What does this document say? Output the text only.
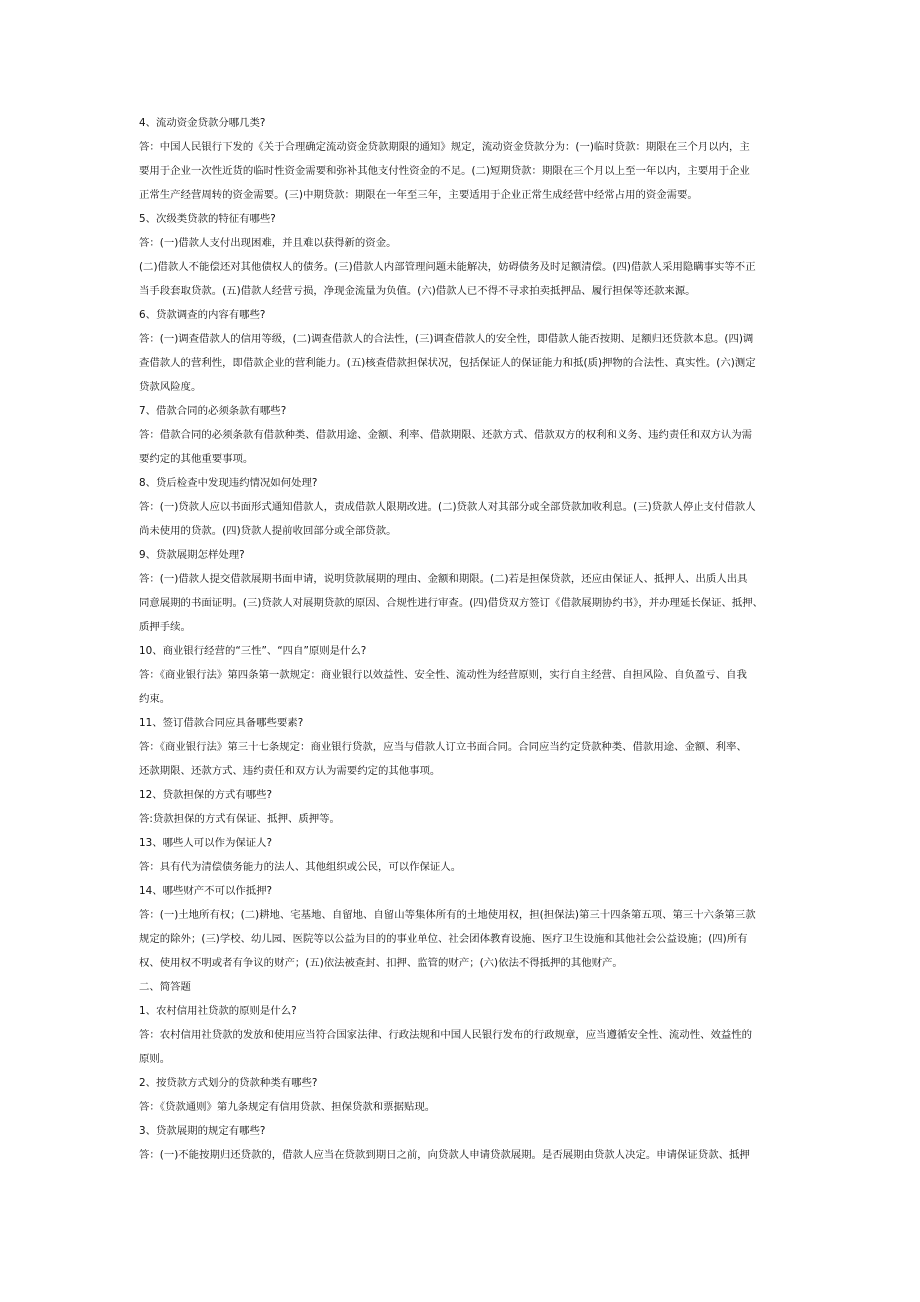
4、流动资金贷款分哪几类?
答：中国人民银行下发的《关于合理确定流动资金贷款期限的通知》规定，流动资金贷款分为：(一)临时贷款：期限在三个月以内，主
要用于企业一次性近货的临时性资金需要和弥补其他支付性资金的不足。(二)短期贷款：期限在三个月以上至一年以内，主要用于企业
正常生产经营周转的资金需要。(三)中期贷款：期限在一年至三年，主要适用于企业正常生成经营中经常占用的资金需要。
5、次级类贷款的特征有哪些?
答：(一)借款人支付出现困难，并且难以获得新的资金。
(二)借款人不能偿还对其他债权人的债务。(三)借款人内部管理问题未能解决，妨碍债务及时足额清偿。(四)借款人采用隐瞒事实等不正
当手段套取贷款。(五)借款人经营亏损，净现金流量为负值。(六)借款人已不得不寻求拍卖抵押品、履行担保等还款来源。
6、贷款调查的内容有哪些?
答：(一)调查借款人的信用等级，(二)调查借款人的合法性，(三)调查借款人的安全性，即借款人能否按期、足额归还贷款本息。(四)调
查借款人的营利性，即借款企业的营利能力。(五)核查借款担保状况，包括保证人的保证能力和抵(质)押物的合法性、真实性。(六)测定
贷款风险度。
7、借款合同的必须条款有哪些?
答：借款合同的必须条款有借款种类、借款用途、金额、利率、借款期限、还款方式、借款双方的权利和义务、违约责任和双方认为需
要约定的其他重要事项。
8、贷后检查中发现违约情况如何处理?
答：(一)贷款人应以书面形式通知借款人，责成借款人限期改进。(二)贷款人对其部分或全部贷款加收利息。(三)贷款人停止支付借款人
尚未使用的贷款。(四)贷款人提前收回部分或全部贷款。
9、贷款展期怎样处理?
答：(一)借款人提交借款展期书面申请，说明贷款展期的理由、金额和期限。(二)若是担保贷款，还应由保证人、抵押人、出质人出具
同意展期的书面证明。(三)贷款人对展期贷款的原因、合规性进行审查。(四)借贷双方签订《借款展期协约书》，并办理延长保证、抵押、
质押手续。
10、商业银行经营的“三性”、“四自”原则是什么?
答：《商业银行法》第四条第一款规定：商业银行以效益性、安全性、流动性为经营原则，实行自主经营、自担风险、自负盈亏、自我
约束。
11、签订借款合同应具备哪些要素?
答：《商业银行法》第三十七条规定：商业银行贷款，应当与借款人订立书面合同。合同应当约定贷款种类、借款用途、金额、利率、
还款期限、还款方式、违约责任和双方认为需要约定的其他事项。
12、贷款担保的方式有哪些?
答:贷款担保的方式有保证、抵押、质押等。
13、哪些人可以作为保证人?
答：具有代为清偿债务能力的法人、其他组织或公民，可以作保证人。
14、哪些财产不可以作抵押?
答：(一)土地所有权；(二)耕地、宅基地、自留地、自留山等集体所有的土地使用权，担(担保法)第三十四条第五项、第三十六条第三款
规定的除外；(三)学校、幼儿园、医院等以公益为目的的事业单位、社会团体教育设施、医疗卫生设施和其他社会公益设施；(四)所有
权、使用权不明或者有争议的财产；(五)依法被查封、扣押、监管的财产；(六)依法不得抵押的其他财产。
二、简答题
1、农村信用社贷款的原则是什么?
答：农村信用社贷款的发放和使用应当符合国家法律、行政法规和中国人民银行发布的行政规章，应当遵循安全性、流动性、效益性的
原则。
2、按贷款方式划分的贷款种类有哪些?
答：《贷款通则》第九条规定有信用贷款、担保贷款和票据贴现。
3、贷款展期的规定有哪些?
答：(一)不能按期归还贷款的，借款人应当在贷款到期日之前，向贷款人申请贷款展期。是否展期由贷款人决定。申请保证贷款、抵押
